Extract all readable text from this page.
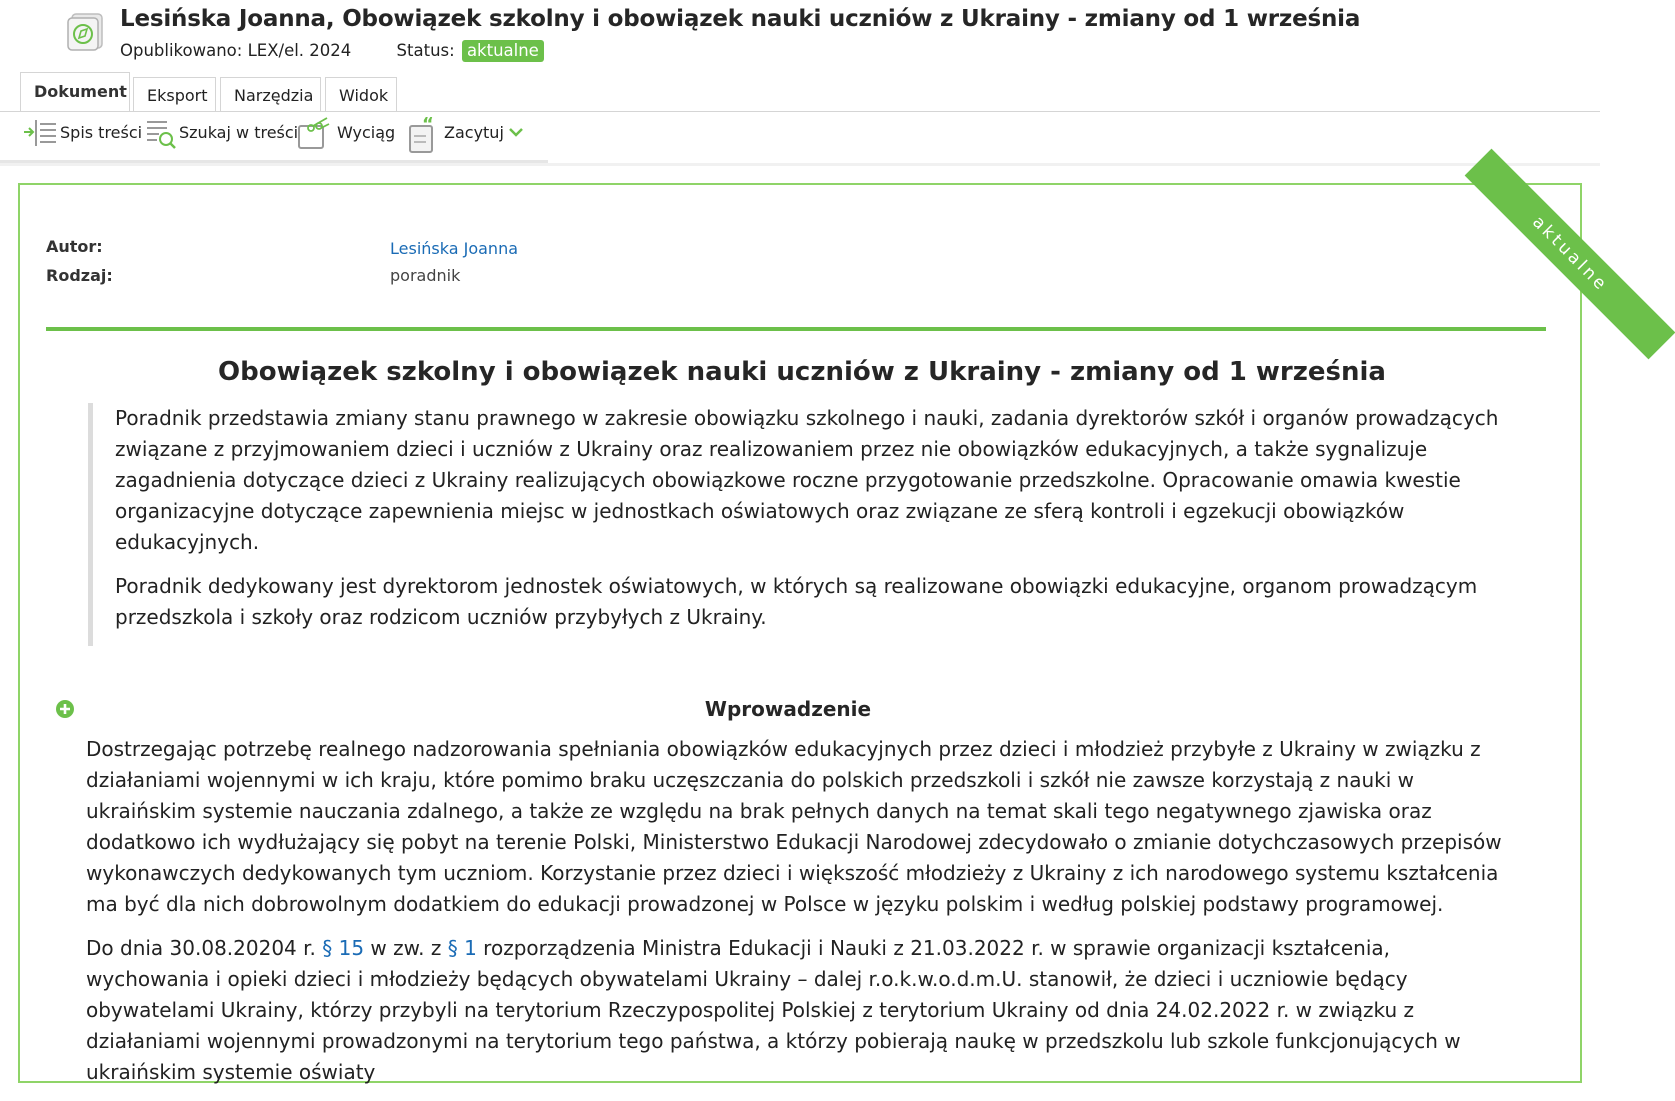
Lesińska Joanna, Obowiązek szkolny i obowiązek nauki uczniów z Ukrainy - zmiany od 1 września
Opublikowano: LEX/el. 2024	Status: aktualne
Dokument	Eksport	Narzędzia	Widok
Spis treści Szukaj w treści Wyciąg “ Zacytuj
aktualne
Autor:	Lesińska Joanna
Rodzaj:	poradnik
Obowiązek szkolny i obowiązek nauki uczniów z Ukrainy - zmiany od 1 września

Poradnik przedstawia zmiany stanu prawnego w zakresie obowiązku szkolnego i nauki, zadania dyrektorów szkół i organów prowadzących związane z przyjmowaniem dzieci i uczniów z Ukrainy oraz realizowaniem przez nie obowiązków edukacyjnych, a także sygnalizuje zagadnienia dotyczące dzieci z Ukrainy realizujących obowiązkowe roczne przygotowanie przedszkolne. Opracowanie omawia kwestie organizacyjne dotyczące zapewnienia miejsc w jednostkach oświatowych oraz związane ze sferą kontroli i egzekucji obowiązków edukacyjnych.

Poradnik dedykowany jest dyrektorom jednostek oświatowych, w których są realizowane obowiązki edukacyjne, organom prowadzącym przedszkola i szkoły oraz rodzicom uczniów przybyłych z Ukrainy.

Wprowadzenie

Dostrzegając potrzebę realnego nadzorowania spełniania obowiązków edukacyjnych przez dzieci i młodzież przybyłe z Ukrainy w związku z działaniami wojennymi w ich kraju, które pomimo braku uczęszczania do polskich przedszkoli i szkół nie zawsze korzystają z nauki w ukraińskim systemie nauczania zdalnego, a także ze względu na brak pełnych danych na temat skali tego negatywnego zjawiska oraz dodatkowo ich wydłużający się pobyt na terenie Polski, Ministerstwo Edukacji Narodowej zdecydowało o zmianie dotychczasowych przepisów wykonawczych dedykowanych tym uczniom. Korzystanie przez dzieci i większość młodzieży z Ukrainy z ich narodowego systemu kształcenia ma być dla nich dobrowolnym dodatkiem do edukacji prowadzonej w Polsce w języku polskim i według polskiej podstawy programowej.

Do dnia 30.08.20204 r. § 15 w zw. z § 1 rozporządzenia Ministra Edukacji i Nauki z 21.03.2022 r. w sprawie organizacji kształcenia, wychowania i opieki dzieci i młodzieży będących obywatelami Ukrainy – dalej r.o.k.w.o.d.m.U. stanowił, że dzieci i uczniowie będący obywatelami Ukrainy, którzy przybyli na terytorium Rzeczypospolitej Polskiej z terytorium Ukrainy od dnia 24.02.2022 r. w związku z działaniami wojennymi prowadzonymi na terytorium tego państwa, a którzy pobierają naukę w przedszkolu lub szkole funkcjonujących w ukraińskim systemie oświaty
